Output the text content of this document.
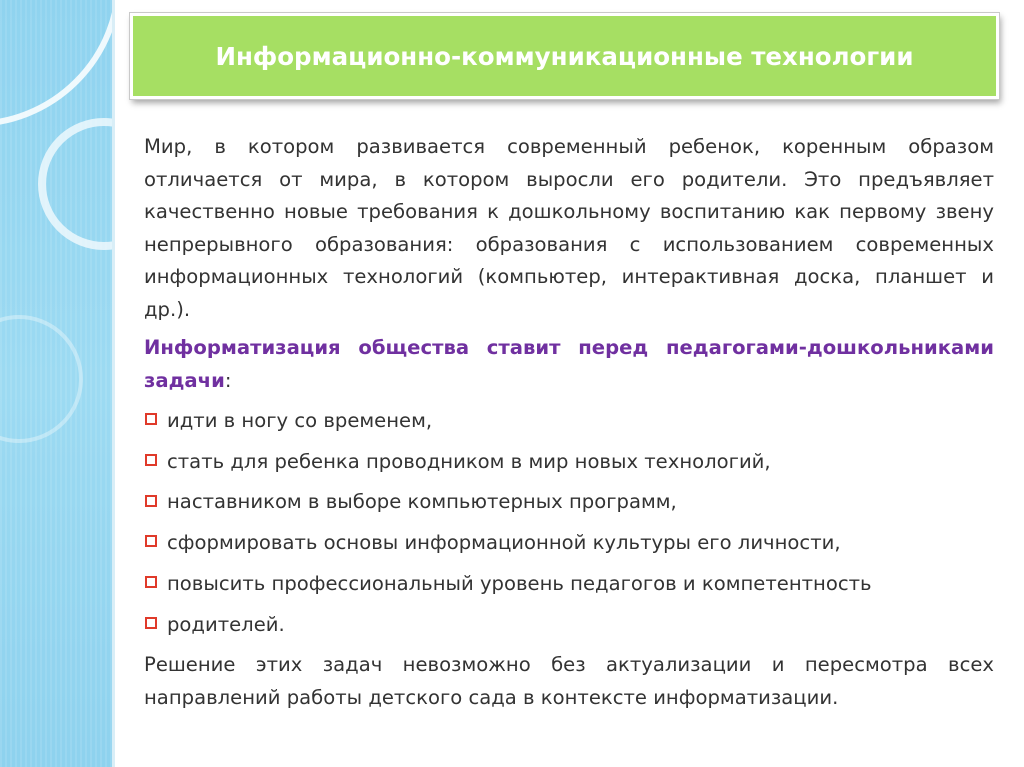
Информационно-коммуникационные технологии

Мир, в котором развивается современный ребенок, коренным образом отличается от мира, в котором выросли его родители. Это предъявляет качественно новые требования к дошкольному воспитанию как первому звену непрерывного образования: образования с использованием современных информационных технологий (компьютер, интерактивная доска, планшет и др.).

Информатизация общества ставит перед педагогами-дошкольниками задачи:

идти в ногу со временем,
стать для ребенка проводником в мир новых технологий,
наставником в выборе компьютерных программ,
сформировать основы информационной культуры его личности,
повысить профессиональный уровень педагогов и компетентность
родителей.

Решение этих задач невозможно без актуализации и пересмотра всех направлений работы детского сада в контексте информатизации.
